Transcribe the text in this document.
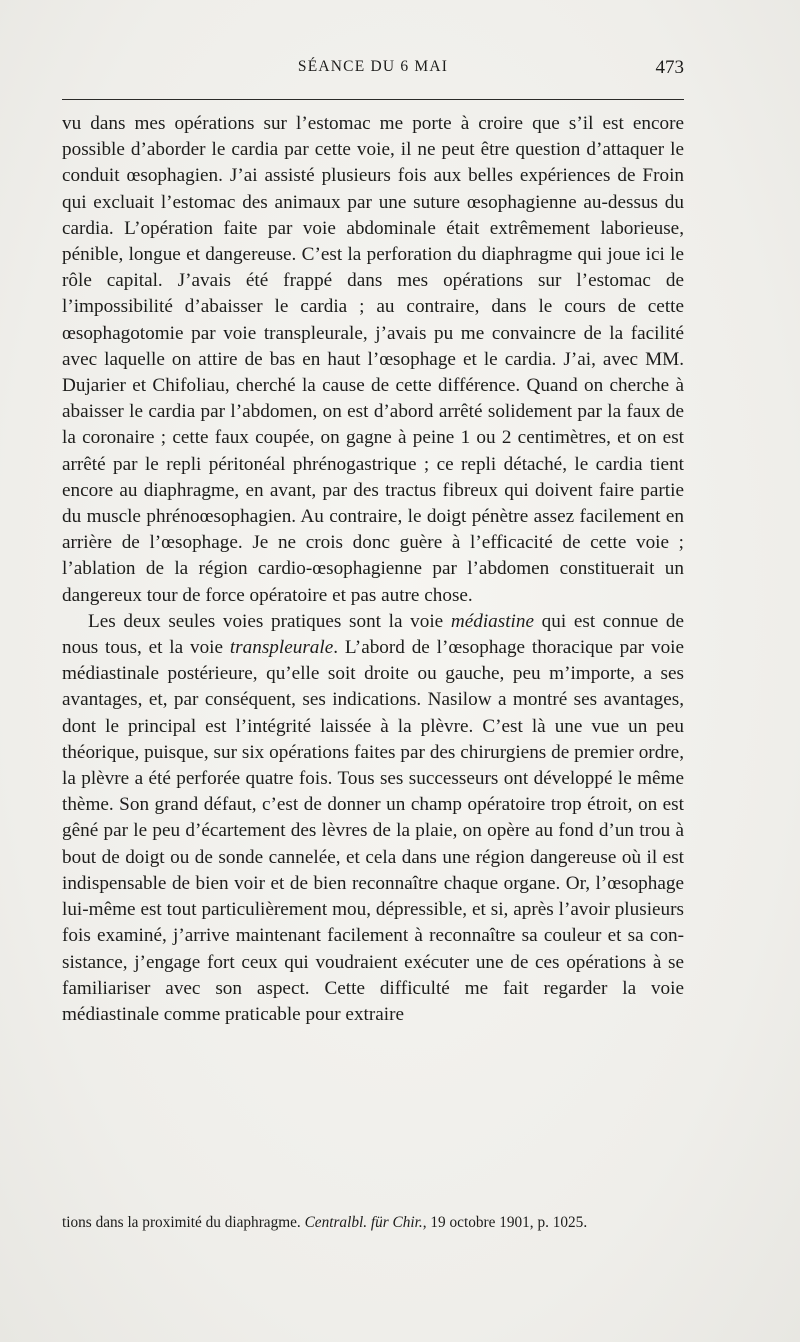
SÉANCE DU 6 MAI	473

vu dans mes opérations sur l’estomac me porte à croire que s’il est encore possible d’aborder le cardia par cette voie, il ne peut être question d’attaquer le conduit œsophagien. J’ai assisté plusieurs fois aux belles expériences de Froin qui excluait l’estomac des animaux par une suture œsophagienne au-dessus du cardia. L’opération faite par voie abdominale était extrêmement laborieuse, pénible, longue et dangereuse. C’est la perforation du diaphragme qui joue ici le rôle capital. J’avais été frappé dans mes opérations sur l’estomac de l’impossibilité d’abaisser le cardia ; au contraire, dans le cours de cette œsophagotomie par voie transpleurale, j’avais pu me convaincre de la facilité avec laquelle on attire de bas en haut l’œsophage et le cardia. J’ai, avec MM. Dujarier et Chifoliau, cherché la cause de cette différence. Quand on cherche à abaisser le cardia par l’abdomen, on est d’abord arrêté solidement par la faux de la coronaire ; cette faux coupée, on gagne à peine 1 ou 2 centimètres, et on est arrêté par le repli péritonéal phrénogastrique ; ce repli détaché, le cardia tient encore au diaphragme, en avant, par des tractus fibreux qui doivent faire partie du muscle phrénoœsophagien. Au contraire, le doigt pénètre assez facilement en arrière de l’œsophage. Je ne crois donc guère à l’efficacité de cette voie ; l’ablation de la région cardio-œsophagienne par l’abdomen constituerait un dangereux tour de force opératoire et pas autre chose.

Les deux seules voies pratiques sont la voie médiastine qui est connue de nous tous, et la voie transpleurale. L’abord de l’œsophage thoracique par voie médiastinale postérieure, qu’elle soit droite ou gauche, peu m’importe, a ses avantages, et, par conséquent, ses indications. Nasilow a montré ses avantages, dont le principal est l’intégrité laissée à la plèvre. C’est là une vue un peu théorique, puisque, sur six opérations faites par des chirurgiens de premier ordre, la plèvre a été perforée quatre fois. Tous ses successeurs ont développé le même thème. Son grand défaut, c’est de donner un champ opératoire trop étroit, on est gêné par le peu d’écartement des lèvres de la plaie, on opère au fond d’un trou à bout de doigt ou de sonde cannelée, et cela dans une région dangereuse où il est indispensable de bien voir et de bien reconnaître chaque organe. Or, l’œsophage lui-même est tout particulièrement mou, dépressible, et si, après l’avoir plusieurs fois examiné, j’arrive maintenant facilement à reconnaître sa couleur et sa consistance, j’engage fort ceux qui voudraient exécuter une de ces opérations à se familiariser avec son aspect. Cette difficulté me fait regarder la voie médiastinale comme praticable pour extraire

tions dans la proximité du diaphragme. Centralbl. für Chir., 19 octobre 1901, p. 1025.
